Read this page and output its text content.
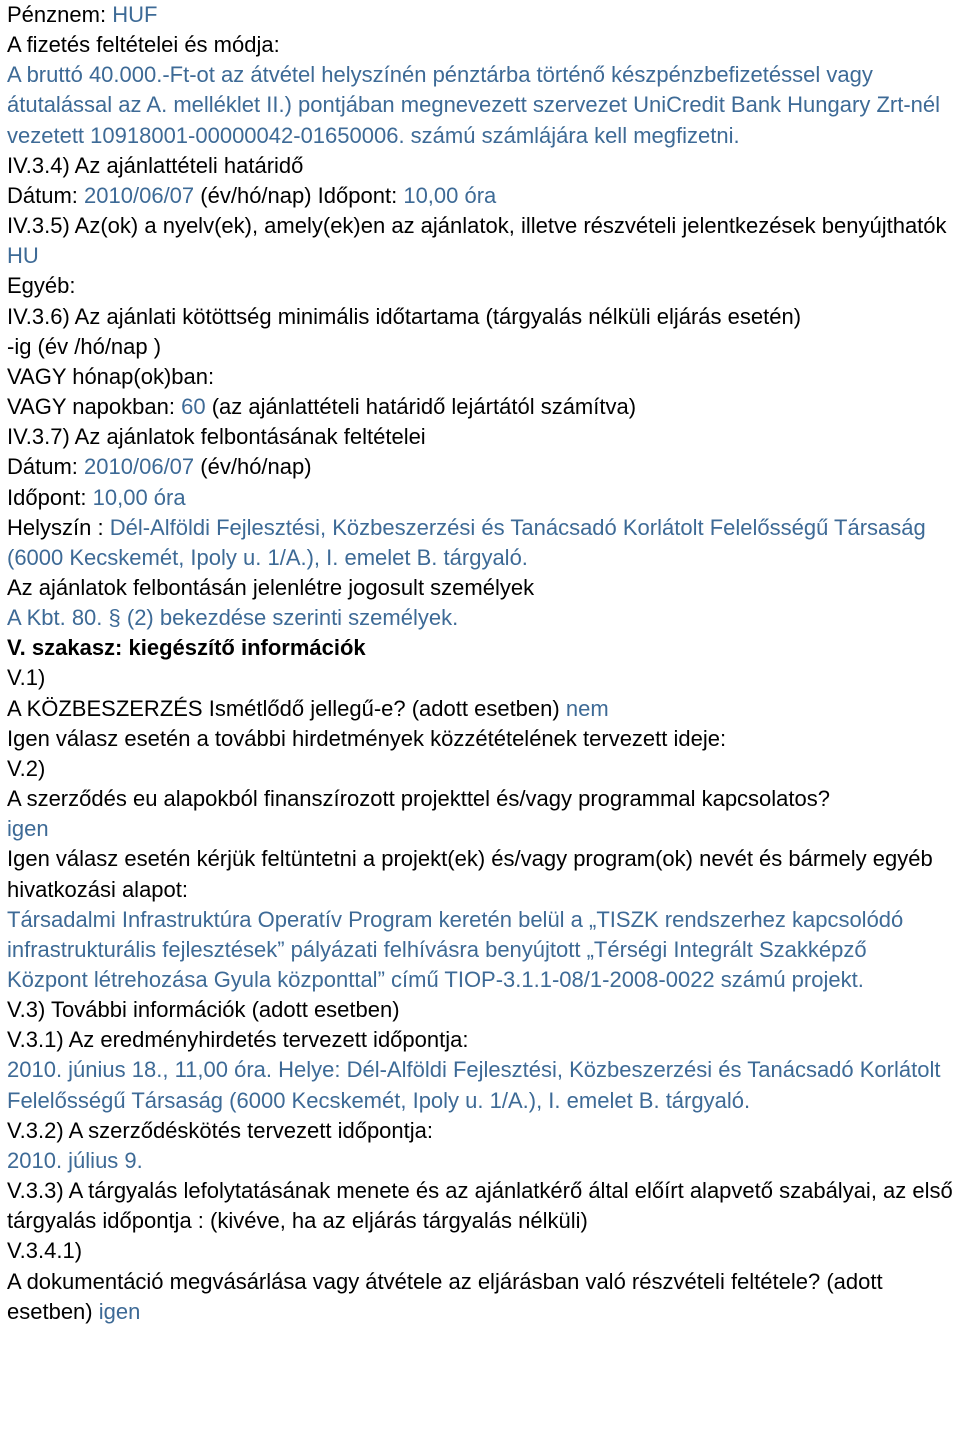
Pénznem: HUF

A fizetés feltételei és módja:

A bruttó 40.000.-Ft-ot az átvétel helyszínén pénztárba történő készpénzbefizetéssel vagy átutalással az A. melléklet II.) pontjában megnevezett szervezet UniCredit Bank Hungary Zrt-nél vezetett 10918001-00000042-01650006. számú számlájára kell megfizetni.

IV.3.4) Az ajánlattételi határidő

Dátum: 2010/06/07 (év/hó/nap) Időpont: 10,00 óra

IV.3.5) Az(ok) a nyelv(ek), amely(ek)en az ajánlatok, illetve részvételi jelentkezések benyújthatók

HU

Egyéb:

IV.3.6) Az ajánlati kötöttség minimális időtartama (tárgyalás nélküli eljárás esetén)

-ig (év /hó/nap )

VAGY hónap(ok)ban:

VAGY napokban: 60 (az ajánlattételi határidő lejártától számítva)

IV.3.7) Az ajánlatok felbontásának feltételei

Dátum: 2010/06/07 (év/hó/nap)

Időpont: 10,00 óra

Helyszín : Dél-Alföldi Fejlesztési, Közbeszerzési és Tanácsadó Korlátolt Felelősségű Társaság (6000 Kecskemét, Ipoly u. 1/A.), I. emelet B. tárgyaló.

Az ajánlatok felbontásán jelenlétre jogosult személyek

A Kbt. 80. § (2) bekezdése szerinti személyek.

V. szakasz: kiegészítő információk

V.1)

A KÖZBESZERZÉS Ismétlődő jellegű-e? (adott esetben) nem

Igen válasz esetén a további hirdetmények közzétételének tervezett ideje:

V.2)

A szerződés eu alapokból finanszírozott projekttel és/vagy programmal kapcsolatos?

igen

Igen válasz esetén kérjük feltüntetni a projekt(ek) és/vagy program(ok) nevét és bármely egyéb hivatkozási alapot:

Társadalmi Infrastruktúra Operatív Program keretén belül a „TISZK rendszerhez kapcsolódó infrastrukturális fejlesztések” pályázati felhívásra benyújtott „Térségi Integrált Szakképző Központ létrehozása Gyula központtal” című TIOP-3.1.1-08/1-2008-0022 számú projekt.

V.3) További információk (adott esetben)

V.3.1) Az eredményhirdetés tervezett időpontja:

2010. június 18., 11,00 óra. Helye: Dél-Alföldi Fejlesztési, Közbeszerzési és Tanácsadó Korlátolt Felelősségű Társaság (6000 Kecskemét, Ipoly u. 1/A.), I. emelet B. tárgyaló.

V.3.2) A szerződéskötés tervezett időpontja:

2010. július 9.

V.3.3) A tárgyalás lefolytatásának menete és az ajánlatkérő által előírt alapvető szabályai, az első tárgyalás időpontja : (kivéve, ha az eljárás tárgyalás nélküli)

V.3.4.1)

A dokumentáció megvásárlása vagy átvétele az eljárásban való részvételi feltétele? (adott esetben) igen
